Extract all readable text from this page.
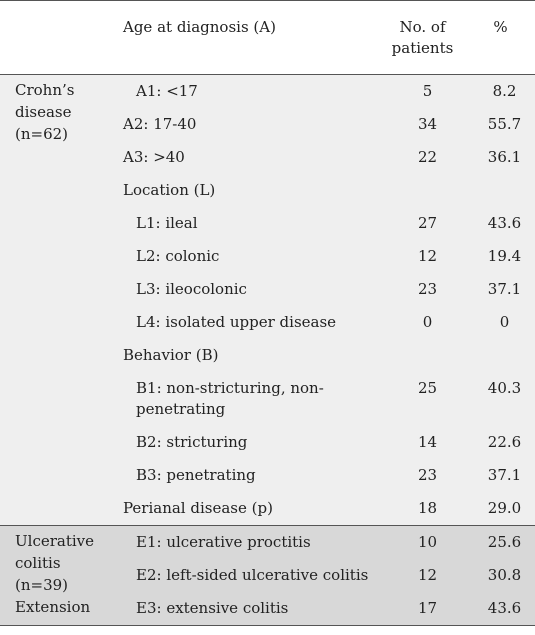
	Age at diagnosis (A)	No. of patients	%
Crohn’s disease (n=62)	A1: <17	5	8.2
	A2: 17-40	34	55.7
	A3: >40	22	36.1
	Location (L)		
	L1: ileal	27	43.6
	L2: colonic	12	19.4
	L3: ileocolonic	23	37.1
	L4: isolated upper disease	0	0
	Behavior (B)		
	B1: non-stricturing, non-penetrating	25	40.3
	B2: stricturing	14	22.6
	B3: penetrating	23	37.1
	Perianal disease (p)	18	29.0
Ulcerative colitis (n=39) Extension	E1: ulcerative proctitis	10	25.6
	E2: left-sided ulcerative colitis	12	30.8
	E3: extensive colitis	17	43.6
